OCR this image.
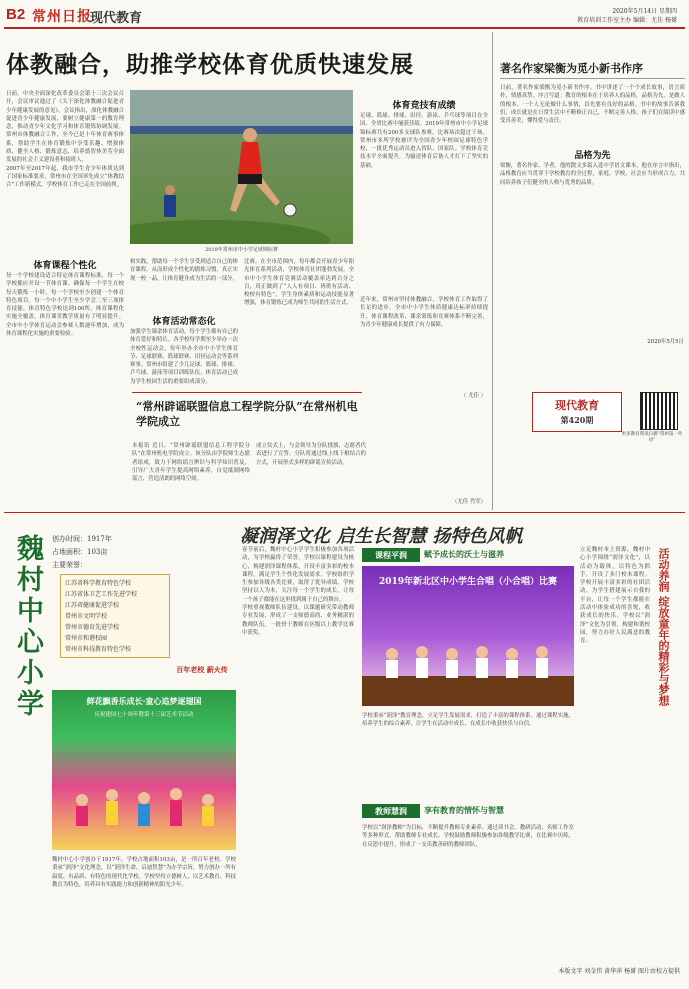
B2 常州日报
现代教育	2020年5月14日 星期四
教育培训工作室主办 编辑：尤佳 杨赟
体教融合，助推学校体育优质快速发展
日前，中央全面深化改革委员会第十三次会议召开，会议审议通过了《关于深化体教融合促进青少年健康发展的意见》。会议指出，深化体教融合促进青少年健康发展，要树立健康第一的教育理念，推动青少年文化学习和体育锻炼协调发展。常州市体教融合工作，至今已是十年体育赛事体系，帮助学生在体育锻炼中享受乐趣、增强体质、健全人格、锻炼意志，培养德智体美劳全面发展的社会主义建设者和接班人。
2007年至2017年起，我市学生青少年体质达到了国家标准要求，常州市在全国率先成立“体教结合”工作新模式，学校体育工作已走在全国前列。
体育课程个性化
每一个学校建设适合特定体育课程标准，每一个学校都应开设一节体育课。确保每一个学生在校每天锻炼一小时。每一个学校至少创建一个体育特色项目。每一个中小学生至少学会二至三项体育技能。体育特色学校达到100所，体育课程化实施全覆盖，体育课堂教学质量有了明显提升。全市中小学体育运动会参赛人数逐年增加，成为体育课程化实施的重要检验。
2019年常州市中小学足球锦标赛
和实践，帮助每一个学生享受到适合自己的体育课程。从而形成个性化的锻炼习惯，真正实现一校一品，让体育健身成为生活的一部分。
体育活动常态化
加强学生课余体育活动，每个学生都有自己的体育爱好和特长。各学校每学期至少举办一次全校性运动会，每年举办全市中小学生体育节、足球联赛、篮球联赛、田径运动会等系列赛事。常州市组建了少儿足球、篮球、排球、乒乓球、游泳等项目训练队伍，体育活动已成为学生校园生活的重要组成部分。
比赛。在全市范围内，每年都会开展青少年阳光体育系列活动，学校体育社团蓬勃发展。全市中小学生体育竞赛活动覆盖率达到百分之百，真正做到了“人人有项目、班班有活动、校校有特色”。学生身体素质和运动技能显著增强，体育锻炼已成为师生共同的生活方式。
体育竞技有成绩
足球、篮球、排球、田径、游泳、乒乓球等项目在全国、全省比赛中屡获佳绩。2019年常州市中小学足球锦标赛共有200多支球队参赛，比赛场次超过千场。常州市多所学校被评为全国青少年校园足球特色学校，一批优秀运动员进入省队、国家队。学校体育竞技水平全面提升，为输送体育后备人才打下了坚实的基础。
近年来，常州市坚持体教融合，学校体育工作取得了长足的进步。全市中小学生体质健康达标率持续提升，体育课程改革、课余训练和竞赛体系不断完善，为青少年健康成长提供了有力保障。
（ 尤佳 ）
“常州辟谣联盟信息工程学院分队”在常州机电学院成立
本报讯 近日，“常州辟谣联盟信息工程学院分队”在常州机电学院成立。该分队由学院师生志愿者组成，致力于网络谣言辨识与科学知识普及，引导广大青年学生提高网络素养，自觉抵制网络谣言，营造清朗的网络空间。
成立仪式上，与会领导为分队授旗，志愿者代表进行了宣誓。分队将通过线上线下相结合的方式，开展形式多样的辟谣宣传活动。
（尤佳 肖军）
著名作家梁衡为觅小新书作序
日前，著名作家梁衡为觅小新书作序。书中讲述了一个个成长故事，语言质朴，情感真挚。序言写道：教育的根本在于培养人的品格，品格为先，是做人的根本。一个人无论做什么事情，首先要有良好的品格。书中的故事告诉我们，成长就是在日常生活中不断修正自己，不断完善人格。孩子们在阅读中感受真善美，懂得爱与责任。
品格为先
梁衡，著名作家、学者。他的散文多篇入选中学语文课本。他在序言中指出，品格教育应当贯穿于学校教育的全过程，家庭、学校、社会应当形成合力，共同培养孩子们健全的人格与优秀的品质。
2020年5月5日
现代教育
第420期
更多教育资讯扫描“常州第一外语”
凝润泽文化 启生长智慧 扬特色风帆
魏村中心小学	创办时间：1917年
占地面积：103亩
主要荣誉：
江苏省科学教育特色学校
江苏省体卫艺工作先进学校
江苏省健康促进学校
常州市文明学校
常州市德育先进学校
常州市和谐校园
常州市科技教育特色学校
百年老校 薪火传
鲜花飘香乐成长·童心追梦逐翅国
庆祝建国七十周年暨第十三届艺术节活动
魏村中心小学创办于1917年，学校占地面积103亩，是一所百年老校。学校秉承“润泽”文化理念，以“润泽生命，启迪智慧”为办学宗旨，努力创办一所有温度、有品质、有特色的现代化学校。学校坚持立德树人，以艺术教育、科技教育为特色，培养具有实践能力和创新精神的阳光少年。
春节前后，魏村中心小学学生积极参加各项活动，为学校赢得了荣誉。学校以课程建设为核心，构建润泽课程体系，开设丰富多彩的校本课程，满足学生个性化发展需求。学校组织学生参加各级各类比赛，取得了优异成绩。学校坚持以人为本，关注每一个学生的成长，让每一个孩子都能在这里找到属于自己的舞台。
学校重视教师队伍建设，以课题研究带动教师专业发展，形成了一支师德高尚、业务精湛的教师队伍。一批骨干教师在区级以上教学比赛中获奖。
课程平润	赋予成长的沃土与滋养
2019年新北区中小学生合唱（小合唱）比赛
学校秉承“润泽”教育理念，立足学生发展需求，打造了丰富的课程体系。通过课程实施，培养学生的综合素养，让学生在活动中成长，在成长中收获快乐与自信。
教师慧润	享有教育的情怀与智慧
学校以“润泽教师”为目标，不断提升教师专业素养。通过读书会、教研活动、名师工作室等多种形式，帮助教师专业成长。学校鼓励教师积极参加各级教学比赛，在比赛中历练，在反思中提升，形成了一支乐教善研的教师团队。
立足魏村本土资源，魏村中心小学围绕“润泽文化”，以活动为载体，以特色为抓手，开设了多门校本课程。学校开展丰富多彩的社团活动，为学生搭建展示自我的平台，让每一个学生都能在活动中体验成功的喜悦，收获成长的快乐。学校以“润泽”文化为引领，构建和谐校园，努力办好人民满意的教育。	活动养润 绽放童年的精彩与梦想
本版文字 刘金伟 黄华萍 杨赟 图片由校方提供
